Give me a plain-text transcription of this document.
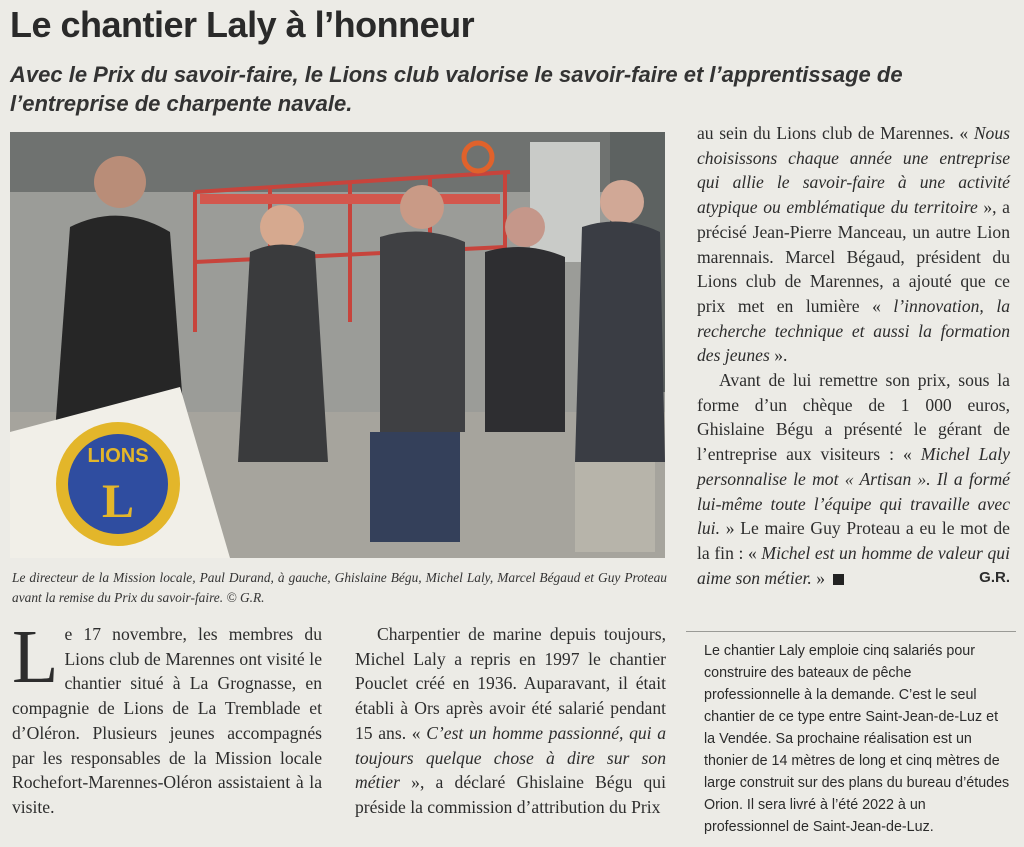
Le chantier Laly à l’honneur
Avec le Prix du savoir-faire, le Lions club valorise le savoir-faire et l’apprentissage de l’entreprise de charpente navale.
LIONS
L
Le directeur de la Mission locale, Paul Durand, à gauche, Ghislaine Bégu, Michel Laly, Marcel Bégaud et Guy Proteau avant la remise du Prix du savoir-faire. © G.R.

Le 17 novembre, les membres du Lions club de Marennes ont visité le chantier situé à La Grognasse, en compagnie de Lions de La Tremblade et d’Oléron. Plusieurs jeunes accompagnés par les responsables de la Mission locale Rochefort-Marennes-Oléron assistaient à la visite.

Charpentier de marine depuis toujours, Michel Laly a repris en 1997 le chantier Pouclet créé en 1936. Auparavant, il était établi à Ors après avoir été salarié pendant 15 ans. « C’est un homme passionné, qui a toujours quelque chose à dire sur son métier », a déclaré Ghislaine Bégu qui préside la commission d’attribution du Prix

au sein du Lions club de Marennes. « Nous choisissons chaque année une entreprise qui allie le savoir-faire à une activité atypique ou emblématique du territoire », a précisé Jean-Pierre Manceau, un autre Lion marennais. Marcel Bégaud, président du Lions club de Marennes, a ajouté que ce prix met en lumière « l’innovation, la recherche technique et aussi la formation des jeunes ».

Avant de lui remettre son prix, sous la forme d’un chèque de 1 000 euros, Ghislaine Bégu a présenté le gérant de l’entreprise aux visiteurs : « Michel Laly personnalise le mot « Artisan ». Il a formé lui-même toute l’équipe qui travaille avec lui. » Le maire Guy Proteau a eu le mot de la fin : « Michel est un homme de valeur qui aime son métier. »	G.R.

Le chantier Laly emploie cinq salariés pour construire des bateaux de pêche professionnelle à la demande. C’est le seul chantier de ce type entre Saint-Jean-de-Luz et la Vendée. Sa prochaine réalisation est un thonier de 14 mètres de long et cinq mètres de large construit sur des plans du bureau d’études Orion. Il sera livré à l’été 2022 à un professionnel de Saint-Jean-de-Luz.
